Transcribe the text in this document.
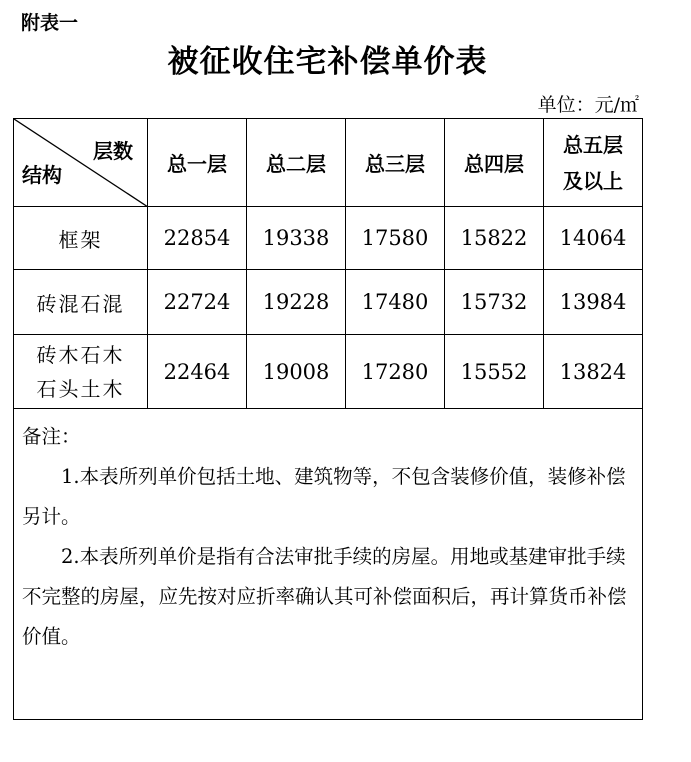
附表一
被征收住宅补偿单价表
单位：元/㎡
层数
结构	总一层	总二层	总三层	总四层	总五层
及以上

框架	22854	19338	17580	15822	14064
砖混石混	22724	19228	17480	15732	13984

砖木石木
石头土木	22464	19008	17280	15552	13824

备注：

1.本表所列单价包括土地、建筑物等，不包含装修价值，装修补偿另计。

2.本表所列单价是指有合法审批手续的房屋。用地或基建审批手续不完整的房屋，应先按对应折率确认其可补偿面积后，再计算货币补偿价值。					
